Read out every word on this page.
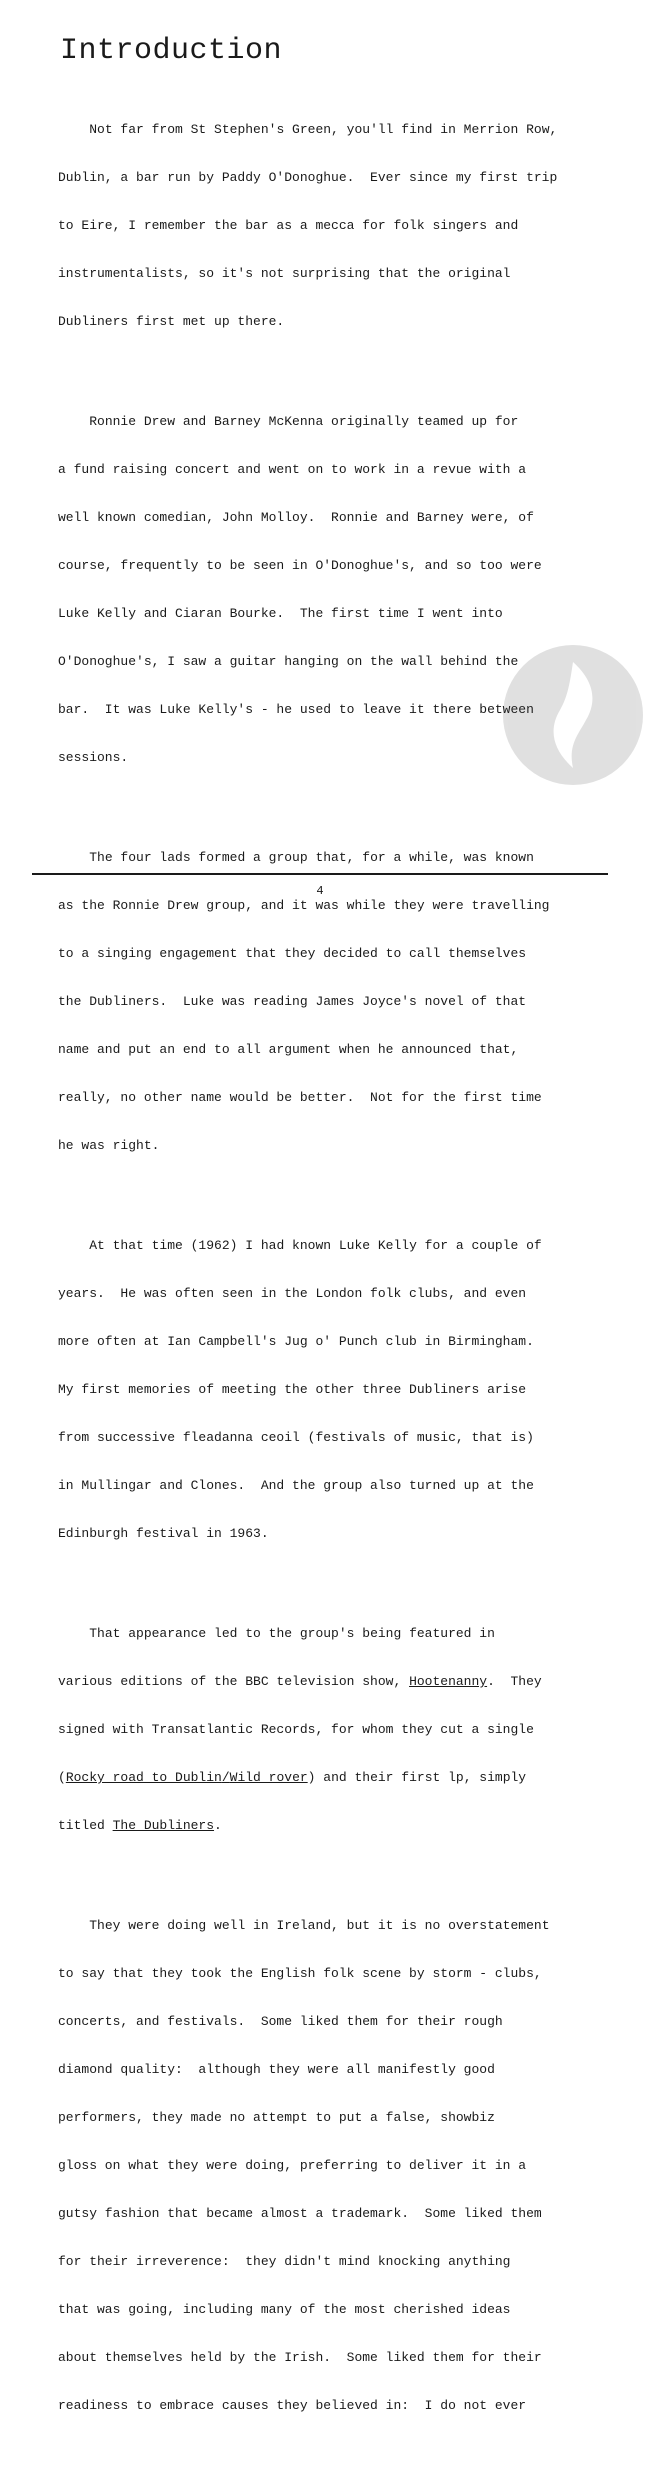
Introduction

Not far from St Stephen's Green, you'll find in Merrion Row,

Dublin, a bar run by Paddy O'Donoghue.  Ever since my first trip

to Eire, I remember the bar as a mecca for folk singers and

instrumentalists, so it's not surprising that the original

Dubliners first met up there.

Ronnie Drew and Barney McKenna originally teamed up for

a fund raising concert and went on to work in a revue with a

well known comedian, John Molloy.  Ronnie and Barney were, of

course, frequently to be seen in O'Donoghue's, and so too were

Luke Kelly and Ciaran Bourke.  The first time I went into

O'Donoghue's, I saw a guitar hanging on the wall behind the

bar.  It was Luke Kelly's - he used to leave it there between

sessions.

The four lads formed a group that, for a while, was known

as the Ronnie Drew group, and it was while they were travelling

to a singing engagement that they decided to call themselves

the Dubliners.  Luke was reading James Joyce's novel of that

name and put an end to all argument when he announced that,

really, no other name would be better.  Not for the first time

he was right.

At that time (1962) I had known Luke Kelly for a couple of

years.  He was often seen in the London folk clubs, and even

more often at Ian Campbell's Jug o' Punch club in Birmingham.

My first memories of meeting the other three Dubliners arise

from successive fleadanna ceoil (festivals of music, that is)

in Mullingar and Clones.  And the group also turned up at the

Edinburgh festival in 1963.

That appearance led to the group's being featured in

various editions of the BBC television show, Hootenanny.  They

signed with Transatlantic Records, for whom they cut a single

(Rocky road to Dublin/Wild rover) and their first lp, simply

titled The Dubliners.

They were doing well in Ireland, but it is no overstatement

to say that they took the English folk scene by storm - clubs,

concerts, and festivals.  Some liked them for their rough

diamond quality:  although they were all manifestly good

performers, they made no attempt to put a false, showbiz

gloss on what they were doing, preferring to deliver it in a

gutsy fashion that became almost a trademark.  Some liked them

for their irreverence:  they didn't mind knocking anything

that was going, including many of the most cherished ideas

about themselves held by the Irish.  Some liked them for their

readiness to embrace causes they believed in:  I do not ever

4
